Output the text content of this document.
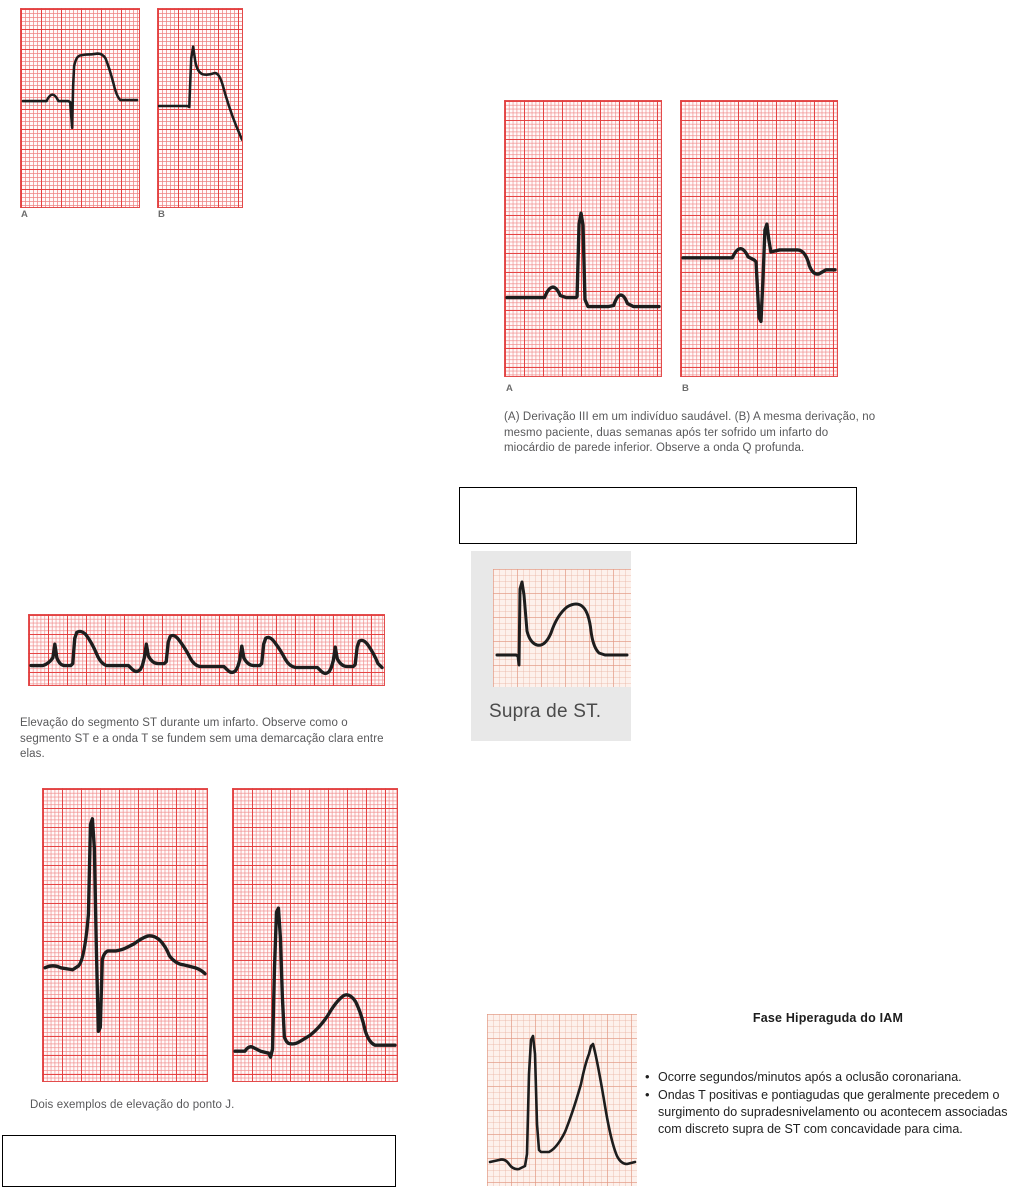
A	B
A	B
(A) Derivação III em um indivíduo saudável. (B) A mesma derivação, no mesmo paciente, duas semanas após ter sofrido um infarto do miocárdio de parede inferior. Observe a onda Q profunda.
Supra de ST.
Elevação do segmento ST durante um infarto. Observe como o segmento ST e a onda T se fundem sem uma demarcação clara entre elas.
Dois exemplos de elevação do ponto J.
Fase Hiperaguda do IAM
• Ocorre segundos/minutos após a oclusão coronariana.
• Ondas T positivas e pontiagudas que geralmente precedem o surgimento do supradesnivelamento ou acontecem associadas com discreto supra de ST com concavidade para cima.
